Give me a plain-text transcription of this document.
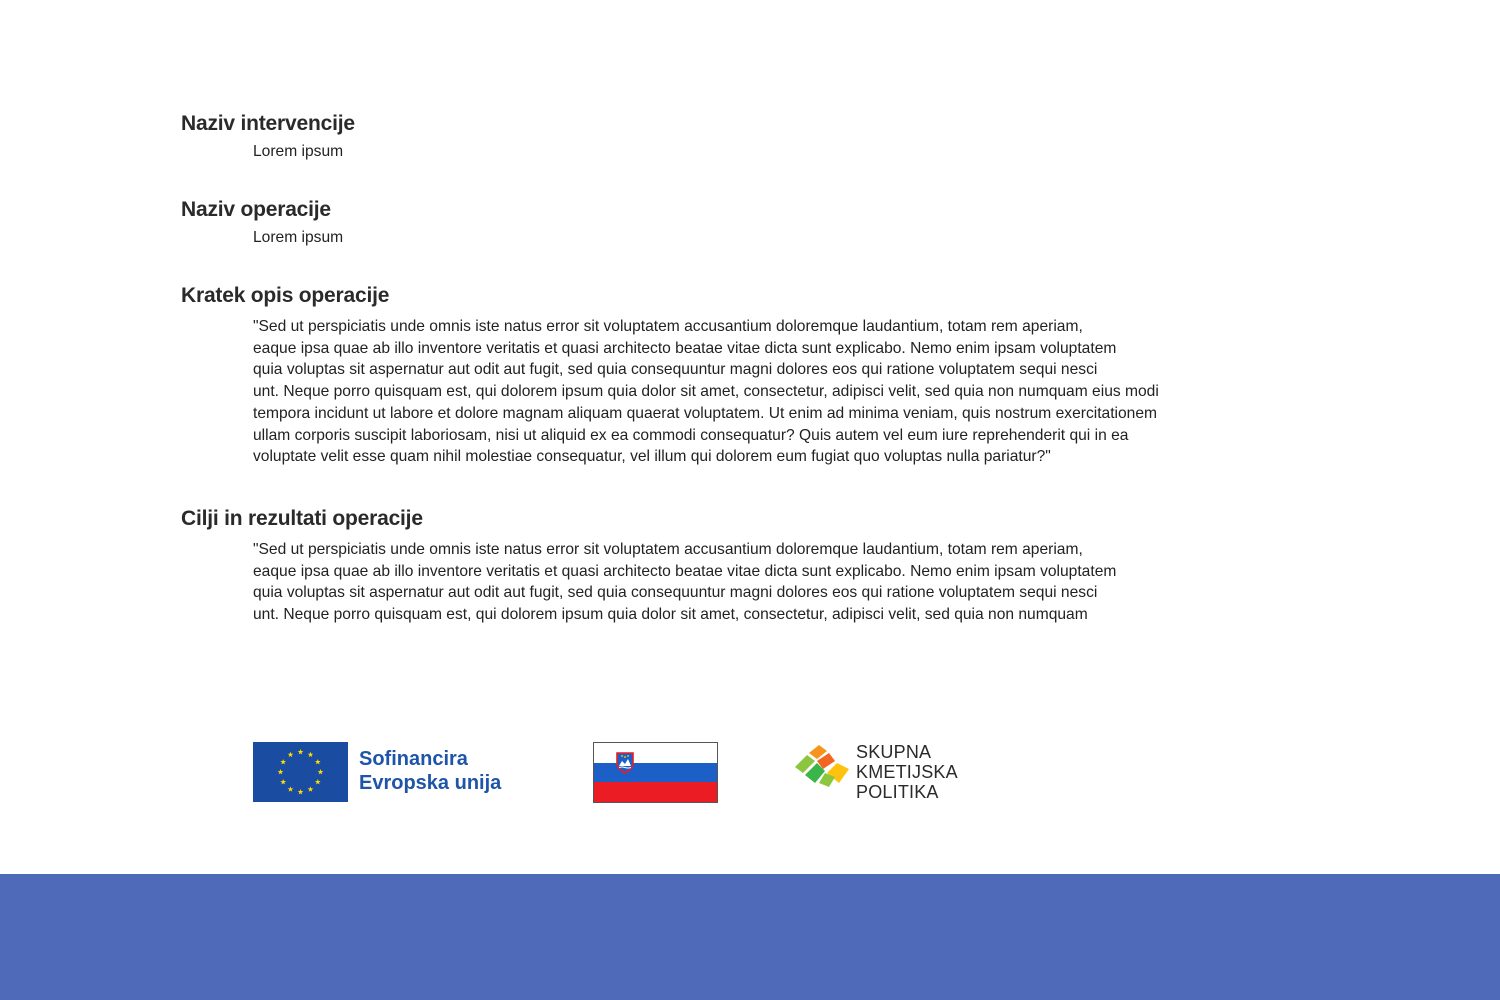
Naziv intervencije

Lorem ipsum

Naziv operacije

Lorem ipsum

Kratek opis operacije

"Sed ut perspiciatis unde omnis iste natus error sit voluptatem accusantium doloremque laudantium, totam rem aperiam,
eaque ipsa quae ab illo inventore veritatis et quasi architecto beatae vitae dicta sunt explicabo. Nemo enim ipsam voluptatem
quia voluptas sit aspernatur aut odit aut fugit, sed quia consequuntur magni dolores eos qui ratione voluptatem sequi nesci
unt. Neque porro quisquam est, qui dolorem ipsum quia dolor sit amet, consectetur, adipisci velit, sed quia non numquam eius modi
tempora incidunt ut labore et dolore magnam aliquam quaerat voluptatem. Ut enim ad minima veniam, quis nostrum exercitationem
ullam corporis suscipit laboriosam, nisi ut aliquid ex ea commodi consequatur? Quis autem vel eum iure reprehenderit qui in ea
voluptate velit esse quam nihil molestiae consequatur, vel illum qui dolorem eum fugiat quo voluptas nulla pariatur?"

Cilji in rezultati operacije

"Sed ut perspiciatis unde omnis iste natus error sit voluptatem accusantium doloremque laudantium, totam rem aperiam,
eaque ipsa quae ab illo inventore veritatis et quasi architecto beatae vitae dicta sunt explicabo. Nemo enim ipsam voluptatem
quia voluptas sit aspernatur aut odit aut fugit, sed quia consequuntur magni dolores eos qui ratione voluptatem sequi nesci
unt. Neque porro quisquam est, qui dolorem ipsum quia dolor sit amet, consectetur, adipisci velit, sed quia non numquam

Sofinancira
Evropska unija
SKUPNA
KMETIJSKA
POLITIKA
